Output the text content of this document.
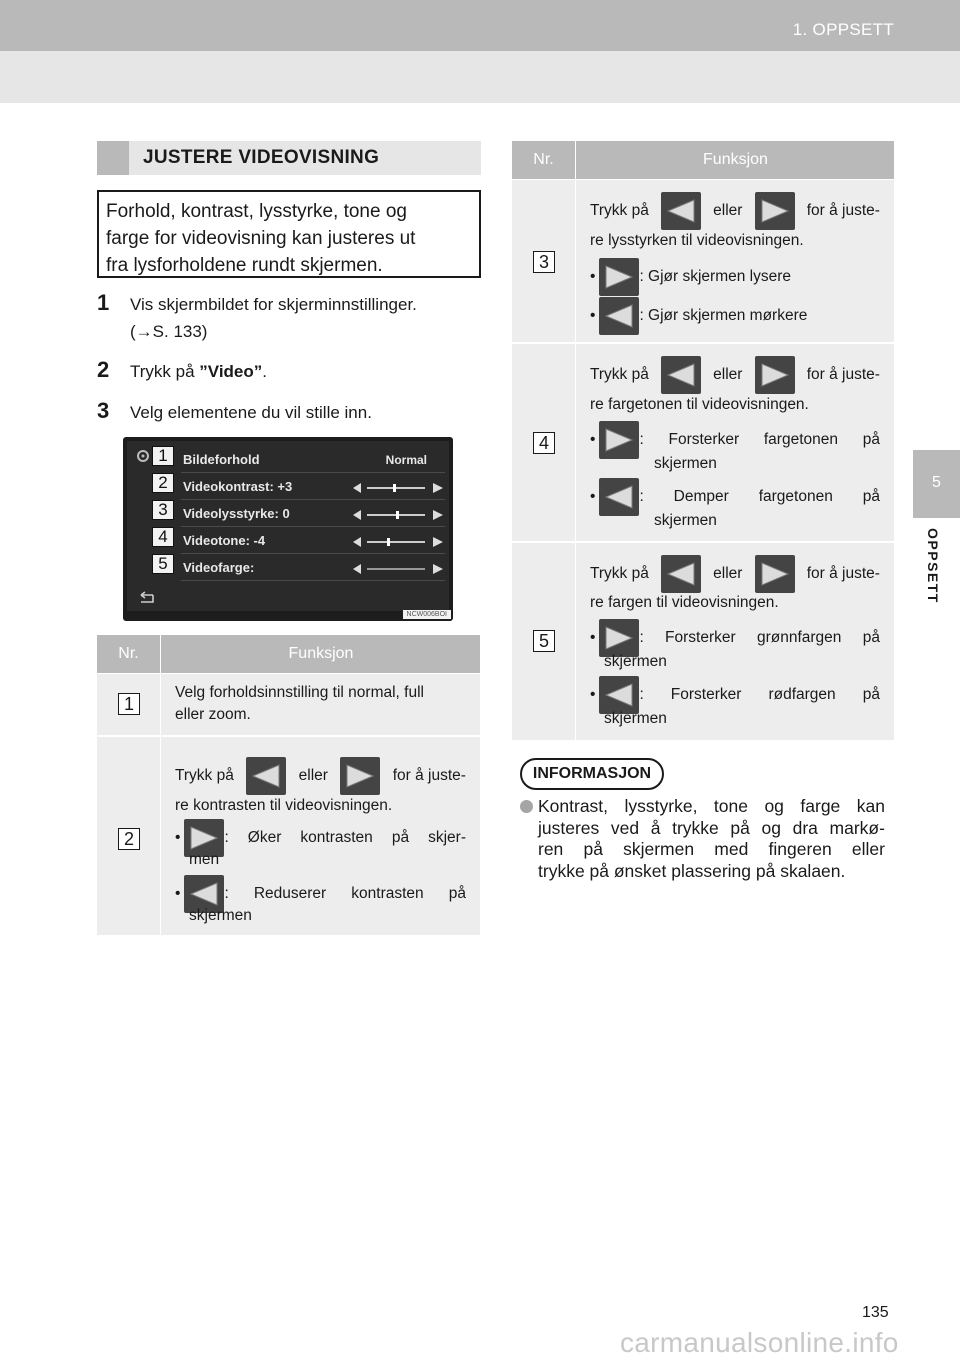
1. OPPSETT
5
OPPSETT
JUSTERE VIDEOVISNING
Forhold, kontrast, lysstyrke, tone og
farge for videovisning kan justeres ut
fra lysforholdene rundt skjermen.
1 Vis skjermbildet for skjerminnstillinger.
(→S. 133)
2 Trykk på ”Video”.
3 Velg elementene du vil stille inn.
Bildeforhold	Normal
Videokontrast: +3
Videolysstyrke: 0
Videotone: -4
Videofarge:
1
2
3
4
5
NCW006BOI
Nr.	Funksjon
1
Velg forholdsinnstilling til normal, full
eller zoom.
2
Trykk på	eller	for å juste-
re kontrasten til videovisningen.
•	: Øker kontrasten på skjer-
men
•	: Reduserer kontrasten på
skjermen
Nr.	Funksjon
3
Trykk på	eller	for å juste-
re lysstyrken til videovisningen.
•	: Gjør skjermen lysere
•	: Gjør skjermen mørkere
4
Trykk på	eller	for å juste-
re fargetonen til videovisningen.
•	: Forsterker fargetonen på
skjermen
•	: Demper fargetonen på
skjermen
5
Trykk på	eller	for å juste-
re fargen til videovisningen.
•	: Forsterker grønnfargen på
skjermen
•	: Forsterker rødfargen på
skjermen
INFORMASJON
Kontrast, lysstyrke, tone og farge kan
justeres ved å trykke på og dra markø-
ren på skjermen med fingeren eller
trykke på ønsket plassering på skalaen.
135
carmanualsonline.info
